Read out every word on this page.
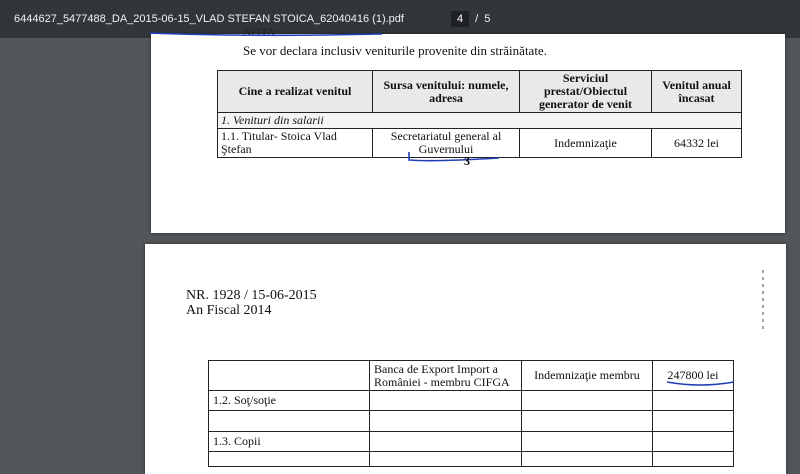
6444627_5477488_DA_2015-06-15_VLAD STEFAN STOICA_62040416 (1).pdf	4	/ 5
NOTA:
Se vor declara inclusiv veniturile provenite din străinătate.
Cine a realizat venitul	Sursa venitului: numele, adresa	Serviciul prestat/Obiectul generator de venit	Venitul anual încasat
1. Venituri din salarii			
1.1. Titular- Stoica Vlad Ştefan	Secretariatul general al Guvernului	Indemnizaţie	64332 lei
3
NR. 1928 / 15-06-2015
An Fiscal 2014
	Banca de Export Import a României - membru CIFGA	Indemnizaţie membru	247800 lei
1.2. Soţ/soţie			

1.3. Copii			
